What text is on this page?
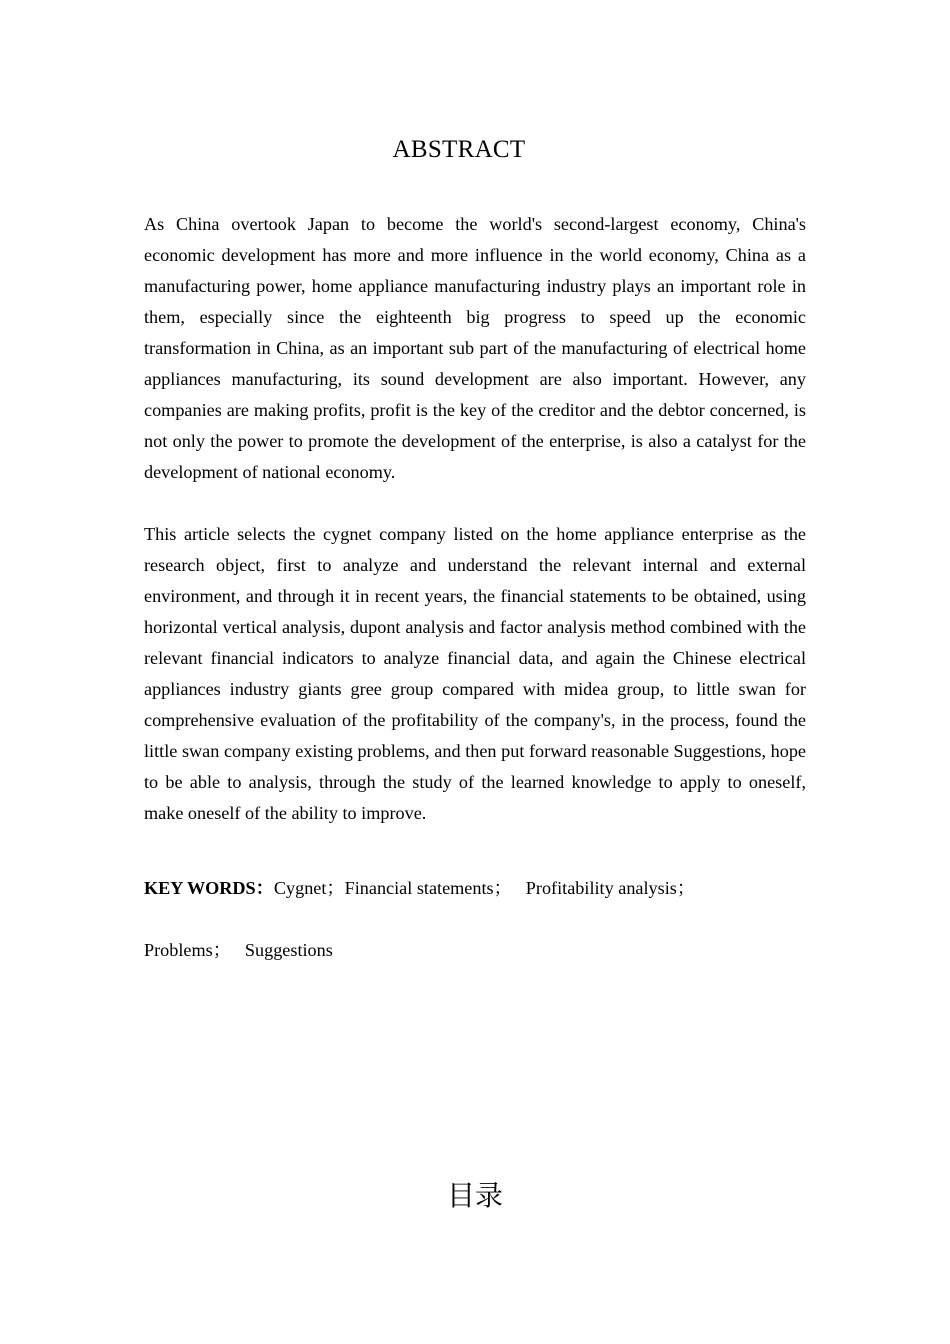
ABSTRACT

As China overtook Japan to become the world's second-largest economy, China's economic development has more and more influence in the world economy, China as a manufacturing power, home appliance manufacturing industry plays an important role in them, especially since the eighteenth big progress to speed up the economic transformation in China, as an important sub part of the manufacturing of electrical home appliances manufacturing, its sound development are also important. However, any companies are making profits, profit is the key of the creditor and the debtor concerned, is not only the power to promote the development of the enterprise, is also a catalyst for the development of national economy.

This article selects the cygnet company listed on the home appliance enterprise as the research object, first to analyze and understand the relevant internal and external environment, and through it in recent years, the financial statements to be obtained, using horizontal vertical analysis, dupont analysis and factor analysis method combined with the relevant financial indicators to analyze financial data, and again the Chinese electrical appliances industry giants gree group compared with midea group, to little swan for comprehensive evaluation of the profitability of the company's, in the process, found the little swan company existing problems, and then put forward reasonable Suggestions, hope to be able to analysis, through the study of the learned knowledge to apply to oneself, make oneself of the ability to improve.

KEY WORDS：Cygnet；Financial statements； Profitability analysis；
Problems； Suggestions
目录
